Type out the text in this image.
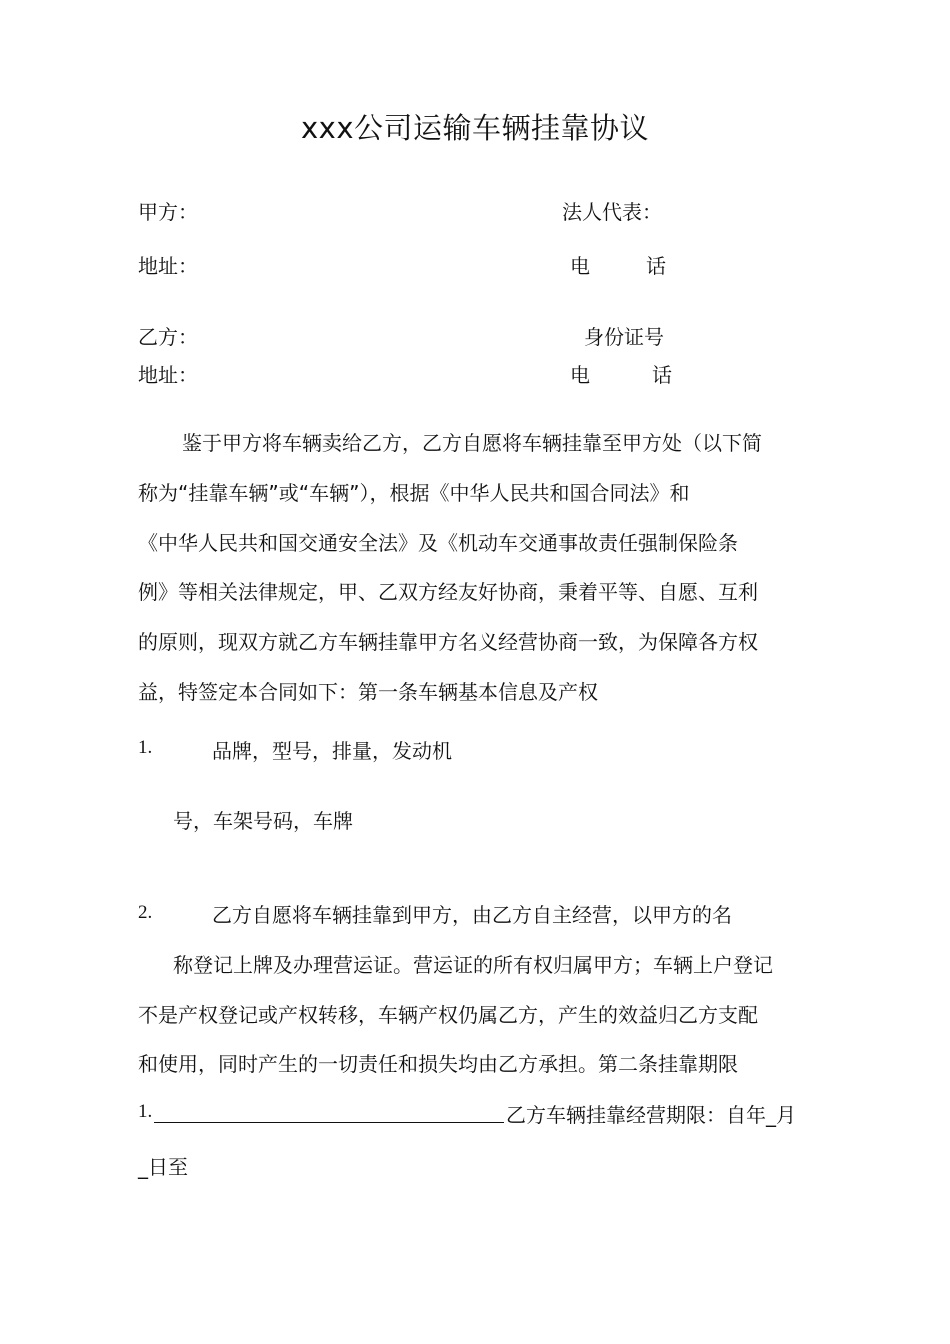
xxx公司运输车辆挂靠协议
甲方：	法人代表：
地址：	电	话
乙方：	身份证号
地址：	电	话
鉴于甲方将车辆卖给乙方，乙方自愿将车辆挂靠至甲方处（以下简
称为“挂靠车辆”或“车辆”），根据《中华人民共和国合同法》和
《中华人民共和国交通安全法》及《机动车交通事故责任强制保险条
例》等相关法律规定，甲、乙双方经友好协商，秉着平等、自愿、互利
的原则，现双方就乙方车辆挂靠甲方名义经营协商一致，为保障各方权
益，特签定本合同如下：第一条车辆基本信息及产权
1.	品牌，型号，排量，发动机
号，车架号码，车牌
2.	乙方自愿将车辆挂靠到甲方，由乙方自主经营，以甲方的名
称登记上牌及办理营运证。营运证的所有权归属甲方；车辆上户登记
不是产权登记或产权转移，车辆产权仍属乙方，产生的效益归乙方支配
和使用，同时产生的一切责任和损失均由乙方承担。第二条挂靠期限
1.	乙方车辆挂靠经营期限：自年_月
_日至
